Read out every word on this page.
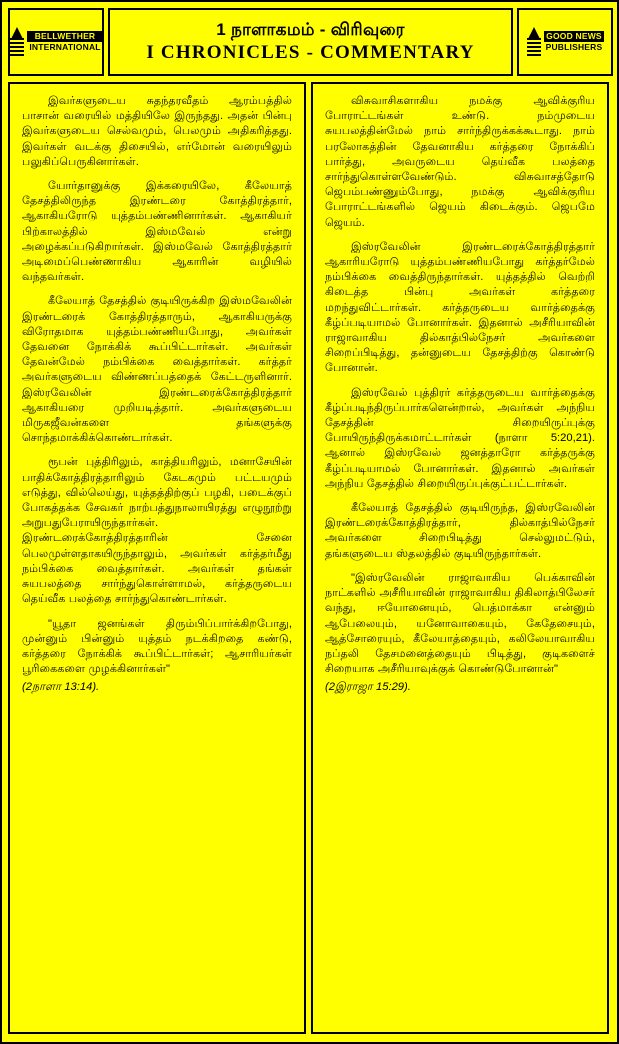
BELLWETHER
INTERNATIONAL
1 நாளாகமம் - விரிவுரை
I CHRONICLES - COMMENTARY
GOOD NEWS
PUBLISHERS

இவர்களுடைய சுதந்தரவீதம் ஆரம்பத்தில் பாசான் வரையில் மத்தியிலே இருந்தது. அதன் பின்பு இவர்களுடைய செல்வமும், பெலமும் அதிகரித்தது. இவர்கள் வடக்கு திசையில், எர்மோன் வரையிலும் பலுகிப்பெருகினார்கள்.

யோர்தானுக்கு இக்கரையிலே, கீலேயாத் தேசத்திலிருந்த இரண்டரை கோத்திரத்தார், ஆகாகியரோடு யுத்தம்பண்ணினார்கள். ஆகாகியர் பிற்காலத்தில் இஸ்மவேல் என்று அழைக்கப்படுகிறார்கள். இஸ்மவேல் கோத்திரத்தார் அடிமைப்பெண்ணாகிய ஆகாரின் வழியில் வந்தவர்கள்.

கீலேயாத் தேசத்தில் குடியிருக்கிற இஸ்மவேலின் இரண்டரைக் கோத்திரத்தாரும், ஆகாகியருக்கு விரோதமாக யுத்தம்பண்ணியபோது, அவர்கள் தேவனை நோக்கிக் கூப்பிட்டார்கள். அவர்கள் தேவன்மேல் நம்பிக்கை வைத்தார்கள். கர்த்தர் அவர்களுடைய விண்ணப்பத்தைக் கேட்டருளினார். இஸ்ரவேலின் இரண்டரைக்கோத்திரத்தார் ஆகாகியரை முறியடித்தார். அவர்களுடைய மிருகஜீவன்களை தங்களுக்கு சொந்தமாக்கிக்கொண்டார்கள்.

ரூபன் புத்திரிலும், காத்தியரிலும், மனாசேயின் பாதிக்கோத்திரத்தாரிலும் கேடகமும் பட்டயமும் எடுத்து, வில்லெய்து, யுத்தத்திற்குப் பழகி, படைக்குப் போகத்தக்க சேவகர் நாற்பத்துநாலாயிரத்து எழுநூற்று அறுபதுபேராயிருந்தார்கள். இரண்டரைக்கோத்திரத்தாரின் சேனை பெலமுள்ளதாகயிருந்தாலும், அவர்கள் கர்த்தர்மீது நம்பிக்கை வைத்தார்கள். அவர்கள் தங்கள் சுயபலத்தை சார்ந்துகொள்ளாமல், கர்த்தருடைய தெய்வீக பலத்தை சார்ந்துகொண்டார்கள்.

"யூதா ஜனங்கள் திரும்பிப்பார்க்கிறபோது, முன்னும் பின்னும் யுத்தம் நடக்கிறதை கண்டு, கர்த்தரை நோக்கிக் கூப்பிட்டார்கள்; ஆசாரியர்கள் பூரிகைகளை முழக்கினார்கள்"

(2நாளா 13:14).

விசுவாசிகளாகிய நமக்கு ஆவிக்குரிய போராட்டங்கள் உண்டு. நம்முடைய சுயபலத்தின்மேல் நாம் சார்ந்திருக்கக்கூடாது. நாம் பரலோகத்தின் தேவனாகிய கர்த்தரை நோக்கிப் பார்த்து, அவருடைய தெய்வீக பலத்தை சார்ந்துகொள்ளவேண்டும். விசுவாசத்தோடு ஜெபம்பண்ணும்போது, நமக்கு ஆவிக்குரிய போராட்டங்களில் ஜெயம் கிடைக்கும். ஜெபமே ஜெயம்.

இஸ்ரவேலின் இரண்டரைக்கோத்திரத்தார் ஆகாரியரோடு யுத்தம்பண்ணியபோது கர்த்தர்மேல் நம்பிக்கை வைத்திருந்தார்கள். யுத்தத்தில் வெற்றி கிடைத்த பின்பு அவர்கள் கர்த்தரை மறந்துவிட்டார்கள். கர்த்தருடைய வார்த்தைக்கு கீழ்ப்படியாமல் போனார்கள். இதனால் அசீரியாவின் ராஜாவாகிய தில்காத்பில்நேசர் அவர்களை சிறைப்பிடித்து, தன்னுடைய தேசத்திற்கு கொண்டு போனான்.

இஸ்ரவேல் புத்திரர் கர்த்தருடைய வார்த்தைக்கு கீழ்ப்படிந்திருப்பார்களென்றால், அவர்கள் அந்நிய தேசத்தின் சிறையிருப்புக்கு போயிருந்திருக்கமாட்டார்கள் (நாளா 5:20,21). ஆனால் இஸ்ரவேல் ஜனத்தாரோ கர்த்தருக்கு கீழ்ப்படியாமல் போனார்கள். இதனால் அவர்கள் அந்நிய தேசத்தில் சிறையிருப்புக்குட்பட்டார்கள்.

கீலேயாத் தேசத்தில் குடியிருந்த, இஸ்ரவேலின் இரண்டரைக்கோத்திரத்தார், தில்காத்பில்நேசர் அவர்களை சிறைபிடித்து செல்லுமட்டும், தங்களுடைய ஸ்தலத்தில் குடியிருந்தார்கள்.

"இஸ்ரவேலின் ராஜாவாகிய பெக்காவின் நாட்களில் அசீரியாவின் ராஜாவாகிய திகிலாத்பிலேசர் வந்து, ஈயோனையும், பெத்மாக்கா என்னும் ஆபேலையும், யனோவாகையும், கேதேசையும், ஆத்சோரையும், கீலேயாத்தையும், கலிலேயாவாகிய நப்தலி தேசமனைத்தையும் பிடித்து, குடிகளைச் சிறையாக அசீரியாவுக்குக் கொண்டுபோனான்"

(2இராஜா 15:29).
